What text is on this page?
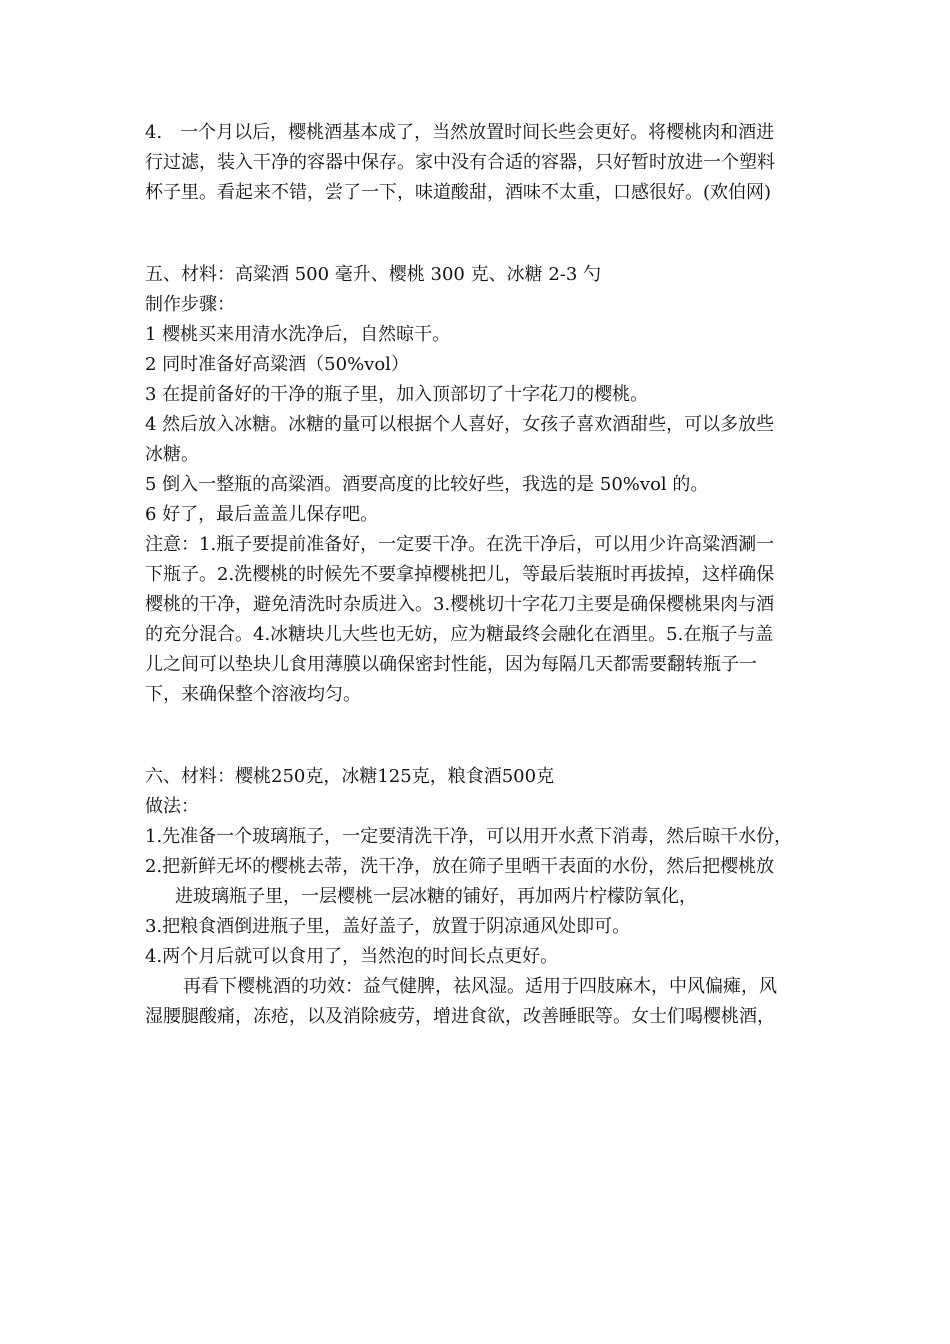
4.　一个月以后，樱桃酒基本成了，当然放置时间长些会更好。将樱桃肉和酒进
行过滤，装入干净的容器中保存。家中没有合适的容器，只好暂时放进一个塑料
杯子里。看起来不错，尝了一下，味道酸甜，酒味不太重，口感很好。(欢伯网)
五、材料：高粱酒 500 毫升、樱桃 300 克、冰糖 2-3 勺
制作步骤：
1 樱桃买来用清水洗净后，自然晾干。
2 同时准备好高粱酒（50%vol）
3 在提前备好的干净的瓶子里，加入顶部切了十字花刀的樱桃。
4 然后放入冰糖。冰糖的量可以根据个人喜好，女孩子喜欢酒甜些，可以多放些
冰糖。
5 倒入一整瓶的高粱酒。酒要高度的比较好些，我选的是 50%vol 的。
6 好了，最后盖盖儿保存吧。
注意：1.瓶子要提前准备好，一定要干净。在洗干净后，可以用少许高粱酒涮一
下瓶子。2.洗樱桃的时候先不要拿掉樱桃把儿，等最后装瓶时再拔掉，这样确保
樱桃的干净，避免清洗时杂质进入。3.樱桃切十字花刀主要是确保樱桃果肉与酒
的充分混合。4.冰糖块儿大些也无妨，应为糖最终会融化在酒里。5.在瓶子与盖
儿之间可以垫块儿食用薄膜以确保密封性能，因为每隔几天都需要翻转瓶子一
下，来确保整个溶液均匀。
六、材料：樱桃250克，冰糖125克，粮食酒500克
做法：
1.先准备一个玻璃瓶子，一定要清洗干净，可以用开水煮下消毒，然后晾干水份，
2.把新鲜无坏的樱桃去蒂，洗干净，放在筛子里晒干表面的水份，然后把樱桃放
进玻璃瓶子里，一层樱桃一层冰糖的铺好，再加两片柠檬防氧化，
3.把粮食酒倒进瓶子里，盖好盖子，放置于阴凉通风处即可。
4.两个月后就可以食用了，当然泡的时间长点更好。
再看下樱桃酒的功效：益气健脾，祛风湿。适用于四肢麻木，中风偏瘫，风
湿腰腿酸痛，冻疮，以及消除疲劳，增进食欲，改善睡眠等。女士们喝樱桃酒，
